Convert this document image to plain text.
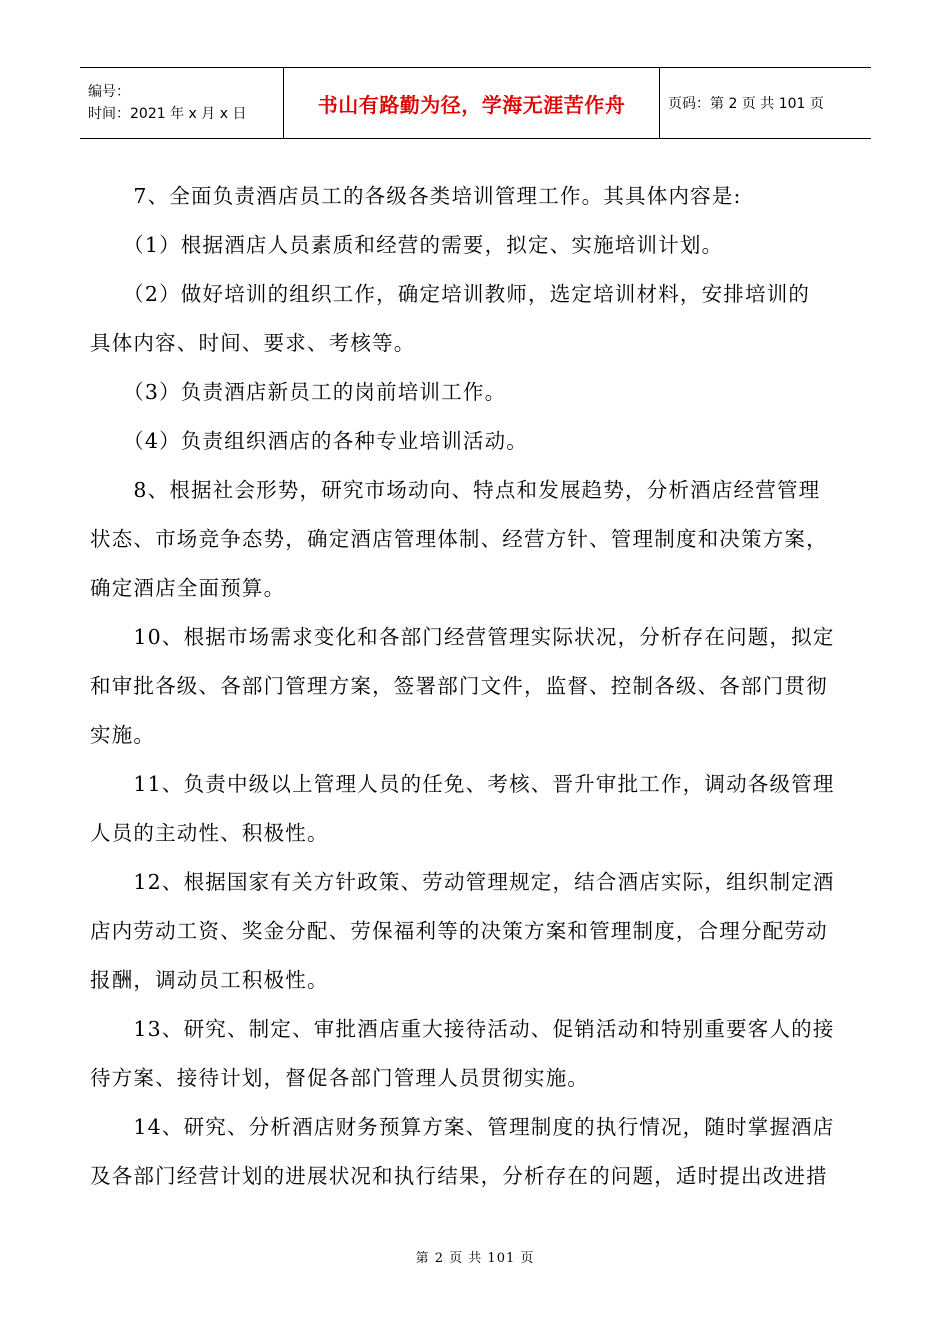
编号：
时间：2021 年 x 月 x 日	书山有路勤为径，学海无涯苦作舟	页码：第 2 页 共 101 页

　　7、全面负责酒店员工的各级各类培训管理工作。其具体内容是:
　　（1）根据酒店人员素质和经营的需要，拟定、实施培训计划。
　　（2）做好培训的组织工作，确定培训教师，选定培训材料，安排培训的
具体内容、时间、要求、考核等。
　　（3）负责酒店新员工的岗前培训工作。
　　（4）负责组织酒店的各种专业培训活动。
　　8、根据社会形势，研究市场动向、特点和发展趋势，分析酒店经营管理
状态、市场竞争态势，确定酒店管理体制、经营方针、管理制度和决策方案，
确定酒店全面预算。
　　10、根据市场需求变化和各部门经营管理实际状况，分析存在问题，拟定
和审批各级、各部门管理方案，签署部门文件，监督、控制各级、各部门贯彻
实施。
　　11、负责中级以上管理人员的任免、考核、晋升审批工作，调动各级管理
人员的主动性、积极性。
　　12、根据国家有关方针政策、劳动管理规定，结合酒店实际，组织制定酒
店内劳动工资、奖金分配、劳保福利等的决策方案和管理制度，合理分配劳动
报酬，调动员工积极性。
　　13、研究、制定、审批酒店重大接待活动、促销活动和特别重要客人的接
待方案、接待计划，督促各部门管理人员贯彻实施。
　　14、研究、分析酒店财务预算方案、管理制度的执行情况，随时掌握酒店
及各部门经营计划的进展状况和执行结果，分析存在的问题，适时提出改进措

第 2 页 共 101 页
